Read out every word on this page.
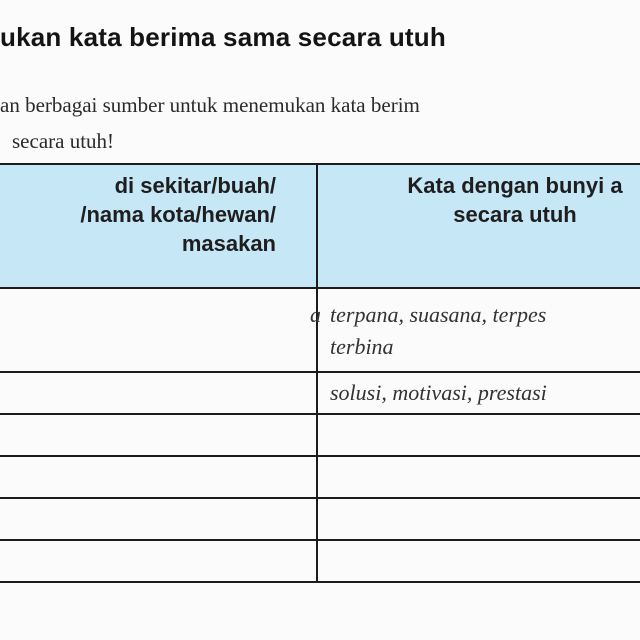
ukan kata berima sama secara utuh
an berbagai sumber untuk menemukan kata berim
secara utuh!
di sekitar/buah/
/nama kota/hewan/
masakan	Kata dengan bunyi a
secara utuh

a	terpana, suasana, terpes
terbina

	solusi, motivasi, prestasi
